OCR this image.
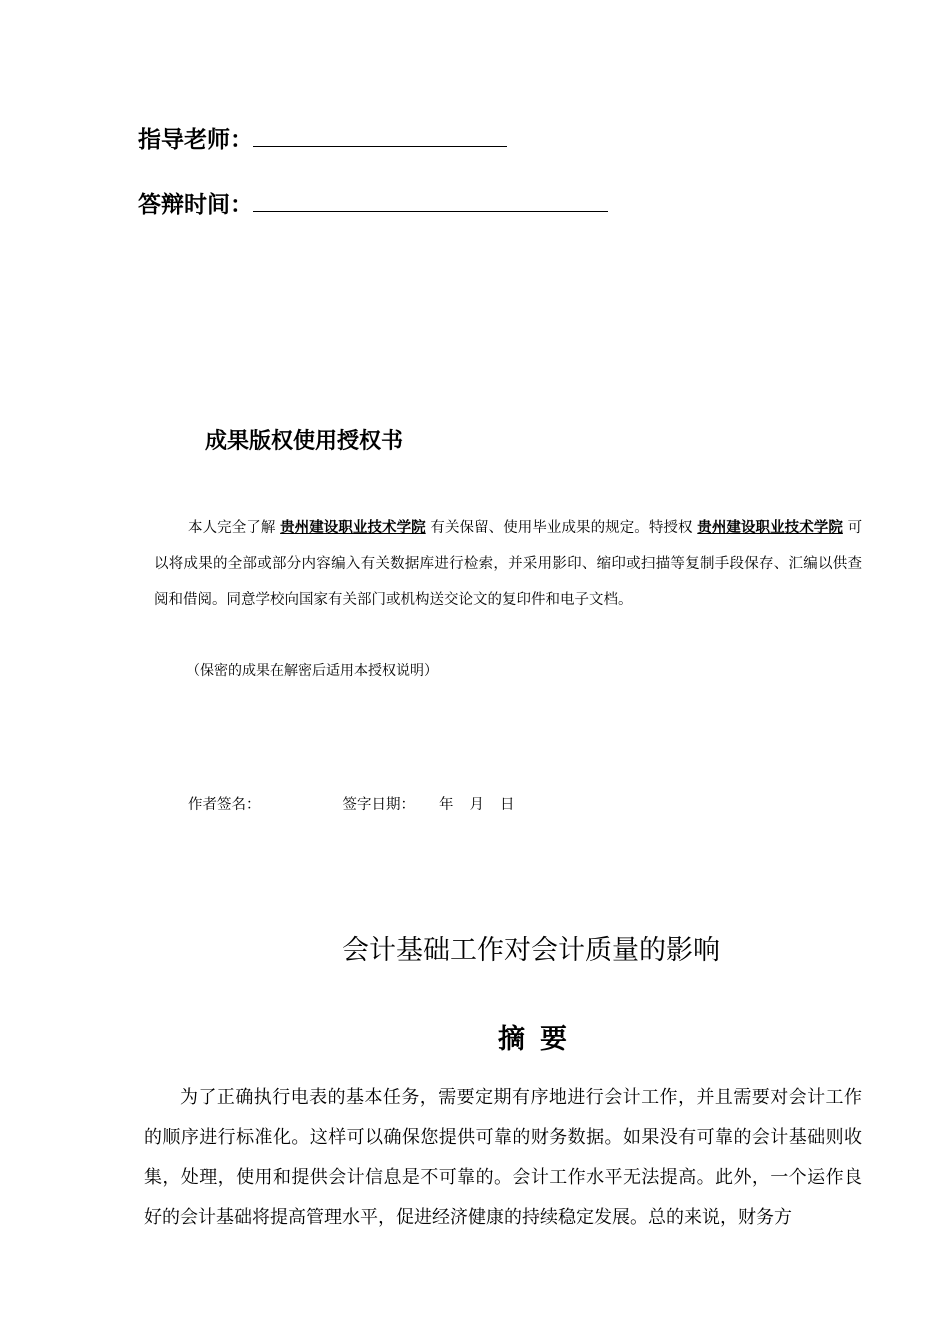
指导老师：
答辩时间：
成果版权使用授权书

本人完全了解 贵州建设职业技术学院 有关保留、使用毕业成果的规定。特授权 贵州建设职业技术学院 可以将成果的全部或部分内容编入有关数据库进行检索，并采用影印、缩印或扫描等复制手段保存、汇编以供查阅和借阅。同意学校向国家有关部门或机构送交论文的复印件和电子文档。

（保密的成果在解密后适用本授权说明）
作者签名：	签字日期： 年 月 日
会计基础工作对会计质量的影响
摘要

为了正确执行电表的基本任务，需要定期有序地进行会计工作，并且需要对会计工作的顺序进行标准化。这样可以确保您提供可靠的财务数据。如果没有可靠的会计基础则收集，处理，使用和提供会计信息是不可靠的。会计工作水平无法提高。此外，一个运作良好的会计基础将提高管理水平，促进经济健康的持续稳定发展。总的来说，财务方
